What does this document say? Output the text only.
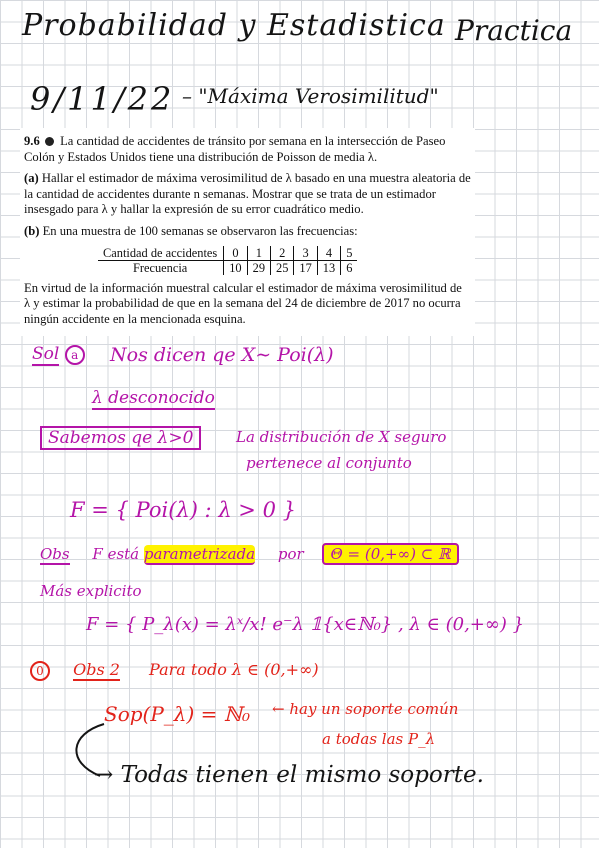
Probabilidad y Estadistica Practica
9/11/22 – "Máxima Verosimilitud"

9.6 La cantidad de accidentes de tránsito por semana en la intersección de Paseo Colón y Estados Unidos tiene una distribución de Poisson de media λ.

(a) Hallar el estimador de máxima verosimilitud de λ basado en una muestra aleatoria de la cantidad de accidentes durante n semanas. Mostrar que se trata de un estimador insesgado para λ y hallar la expresión de su error cuadrático medio.

(b) En una muestra de 100 semanas se observaron las frecuencias:

Cantidad de accidentes	0	1	2	3	4	5
Frecuencia	10	29	25	17	13	6

En virtud de la información muestral calcular el estimador de máxima verosimilitud de λ y estimar la probabilidad de que en la semana del 24 de diciembre de 2017 no ocurra ningún accidente en la mencionada esquina.

Sol a	Nos dicen qe X∼ Poi(λ)
λ desconocido
Sabemos qe λ>0	La distribución de X seguro
pertenece al conjunto
F = { Poi(λ) : λ > 0 }
Obs F está parametrizada por Θ = (0,+∞) ⊂ ℝ
Más explicito
F = { P_λ(x) = λˣ/x! e⁻λ 𝟙{x∈ℕ₀} , λ ∈ (0,+∞) }
0 Obs 2 Para todo λ ∈ (0,+∞)
Sop(P_λ) = ℕ₀ ← hay un soporte común
a todas las P_λ
→ Todas tienen el mismo soporte.
